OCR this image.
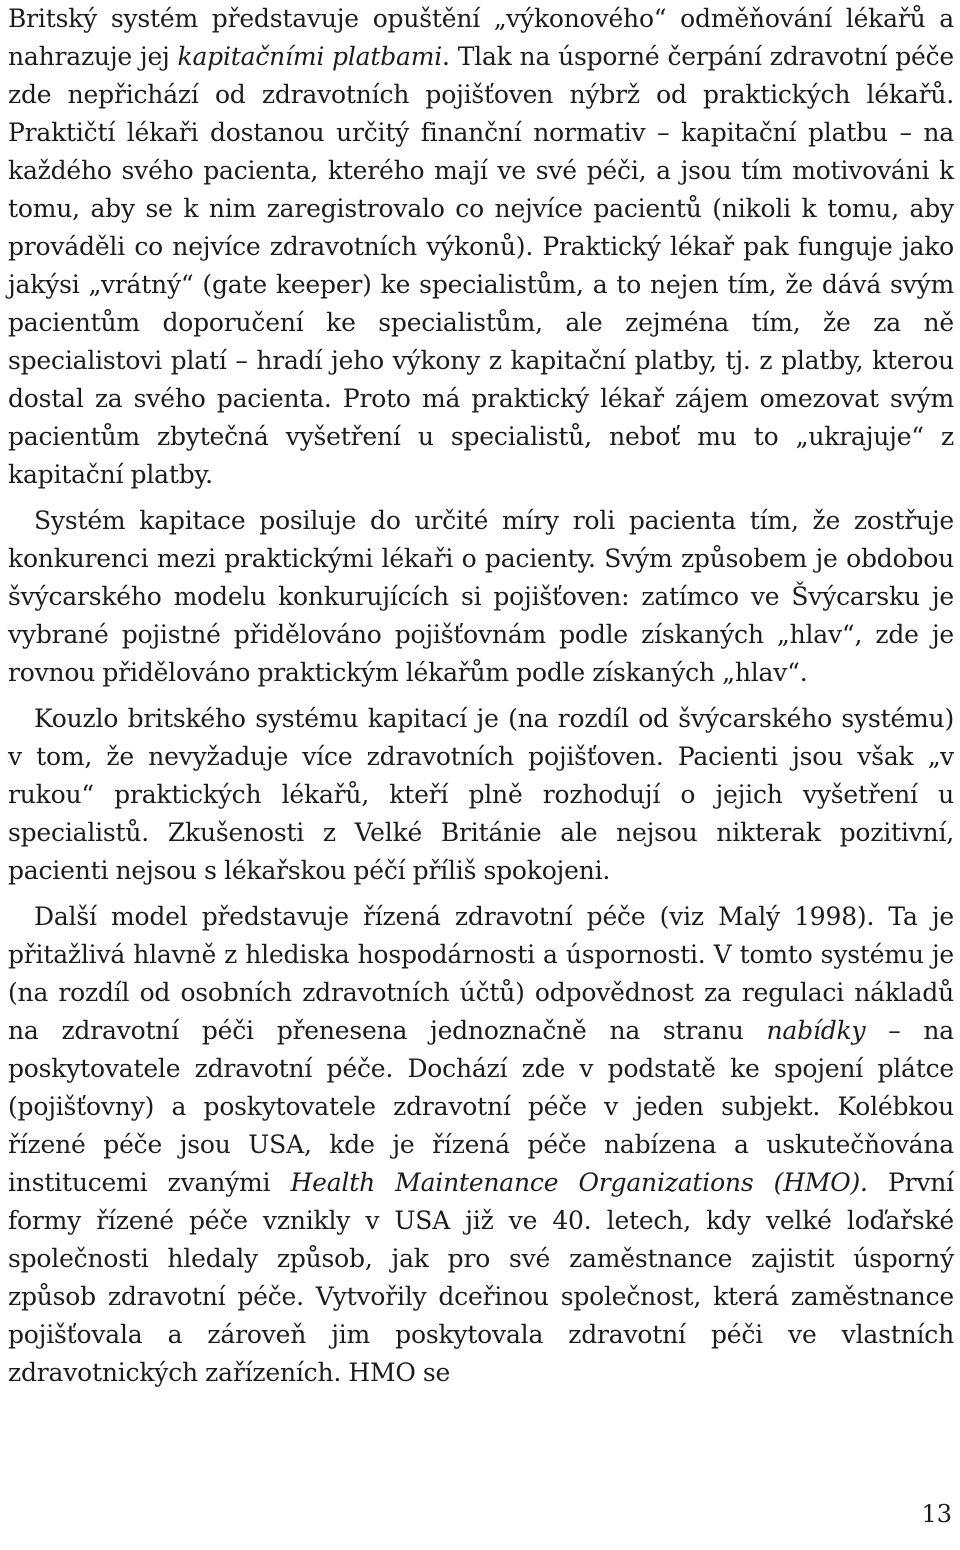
Britský systém představuje opuštění „výkonového“ odměňování lékařů a nahrazuje jej kapitačními platbami. Tlak na úsporné čerpání zdravotní péče zde nepřichází od zdravotních pojišťoven nýbrž od praktických lékařů. Praktičtí lékaři dostanou určitý finanční normativ – kapitační platbu – na každého svého pacienta, kterého mají ve své péči, a jsou tím motivováni k tomu, aby se k nim zaregistrovalo co nejvíce pacientů (nikoli k tomu, aby prováděli co nejvíce zdravotních výkonů). Praktický lékař pak funguje jako jakýsi „vrátný“ (gate keeper) ke specialistům, a to nejen tím, že dává svým pacientům doporučení ke specialistům, ale zejména tím, že za ně specialistovi platí – hradí jeho výkony z kapitační platby, tj. z platby, kterou dostal za svého pacienta. Proto má praktický lékař zájem omezovat svým pacientům zbytečná vyšetření u specialistů, neboť mu to „ukrajuje“ z kapitační platby.

Systém kapitace posiluje do určité míry roli pacienta tím, že zostřuje konkurenci mezi praktickými lékaři o pacienty. Svým způsobem je obdobou švýcarského modelu konkurujících si pojišťoven: zatímco ve Švýcarsku je vybrané pojistné přidělováno pojišťovnám podle získaných „hlav“, zde je rovnou přidělováno praktickým lékařům podle získaných „hlav“.

Kouzlo britského systému kapitací je (na rozdíl od švýcarského systému) v tom, že nevyžaduje více zdravotních pojišťoven. Pacienti jsou však „v rukou“ praktických lékařů, kteří plně rozhodují o jejich vyšetření u specialistů. Zkušenosti z Velké Británie ale nejsou nikterak pozitivní, pacienti nejsou s lékařskou péčí příliš spokojeni.

Další model představuje řízená zdravotní péče (viz Malý 1998). Ta je přitažlivá hlavně z hlediska hospodárnosti a úspornosti. V tomto systému je (na rozdíl od osobních zdravotních účtů) odpovědnost za regulaci nákladů na zdravotní péči přenesena jednoznačně na stranu nabídky – na poskytovatele zdravotní péče. Dochází zde v podstatě ke spojení plátce (pojišťovny) a poskytovatele zdravotní péče v jeden subjekt. Kolébkou řízené péče jsou USA, kde je řízená péče nabízena a uskutečňována institucemi zvanými Health Maintenance Organizations (HMO). První formy řízené péče vznikly v USA již ve 40. letech, kdy velké loďařské společnosti hledaly způsob, jak pro své zaměstnance zajistit úsporný způsob zdravotní péče. Vytvořily dceřinou společnost, která zaměstnance pojišťovala a zároveň jim poskytovala zdravotní péči ve vlastních zdravotnických zařízeních. HMO se

13
